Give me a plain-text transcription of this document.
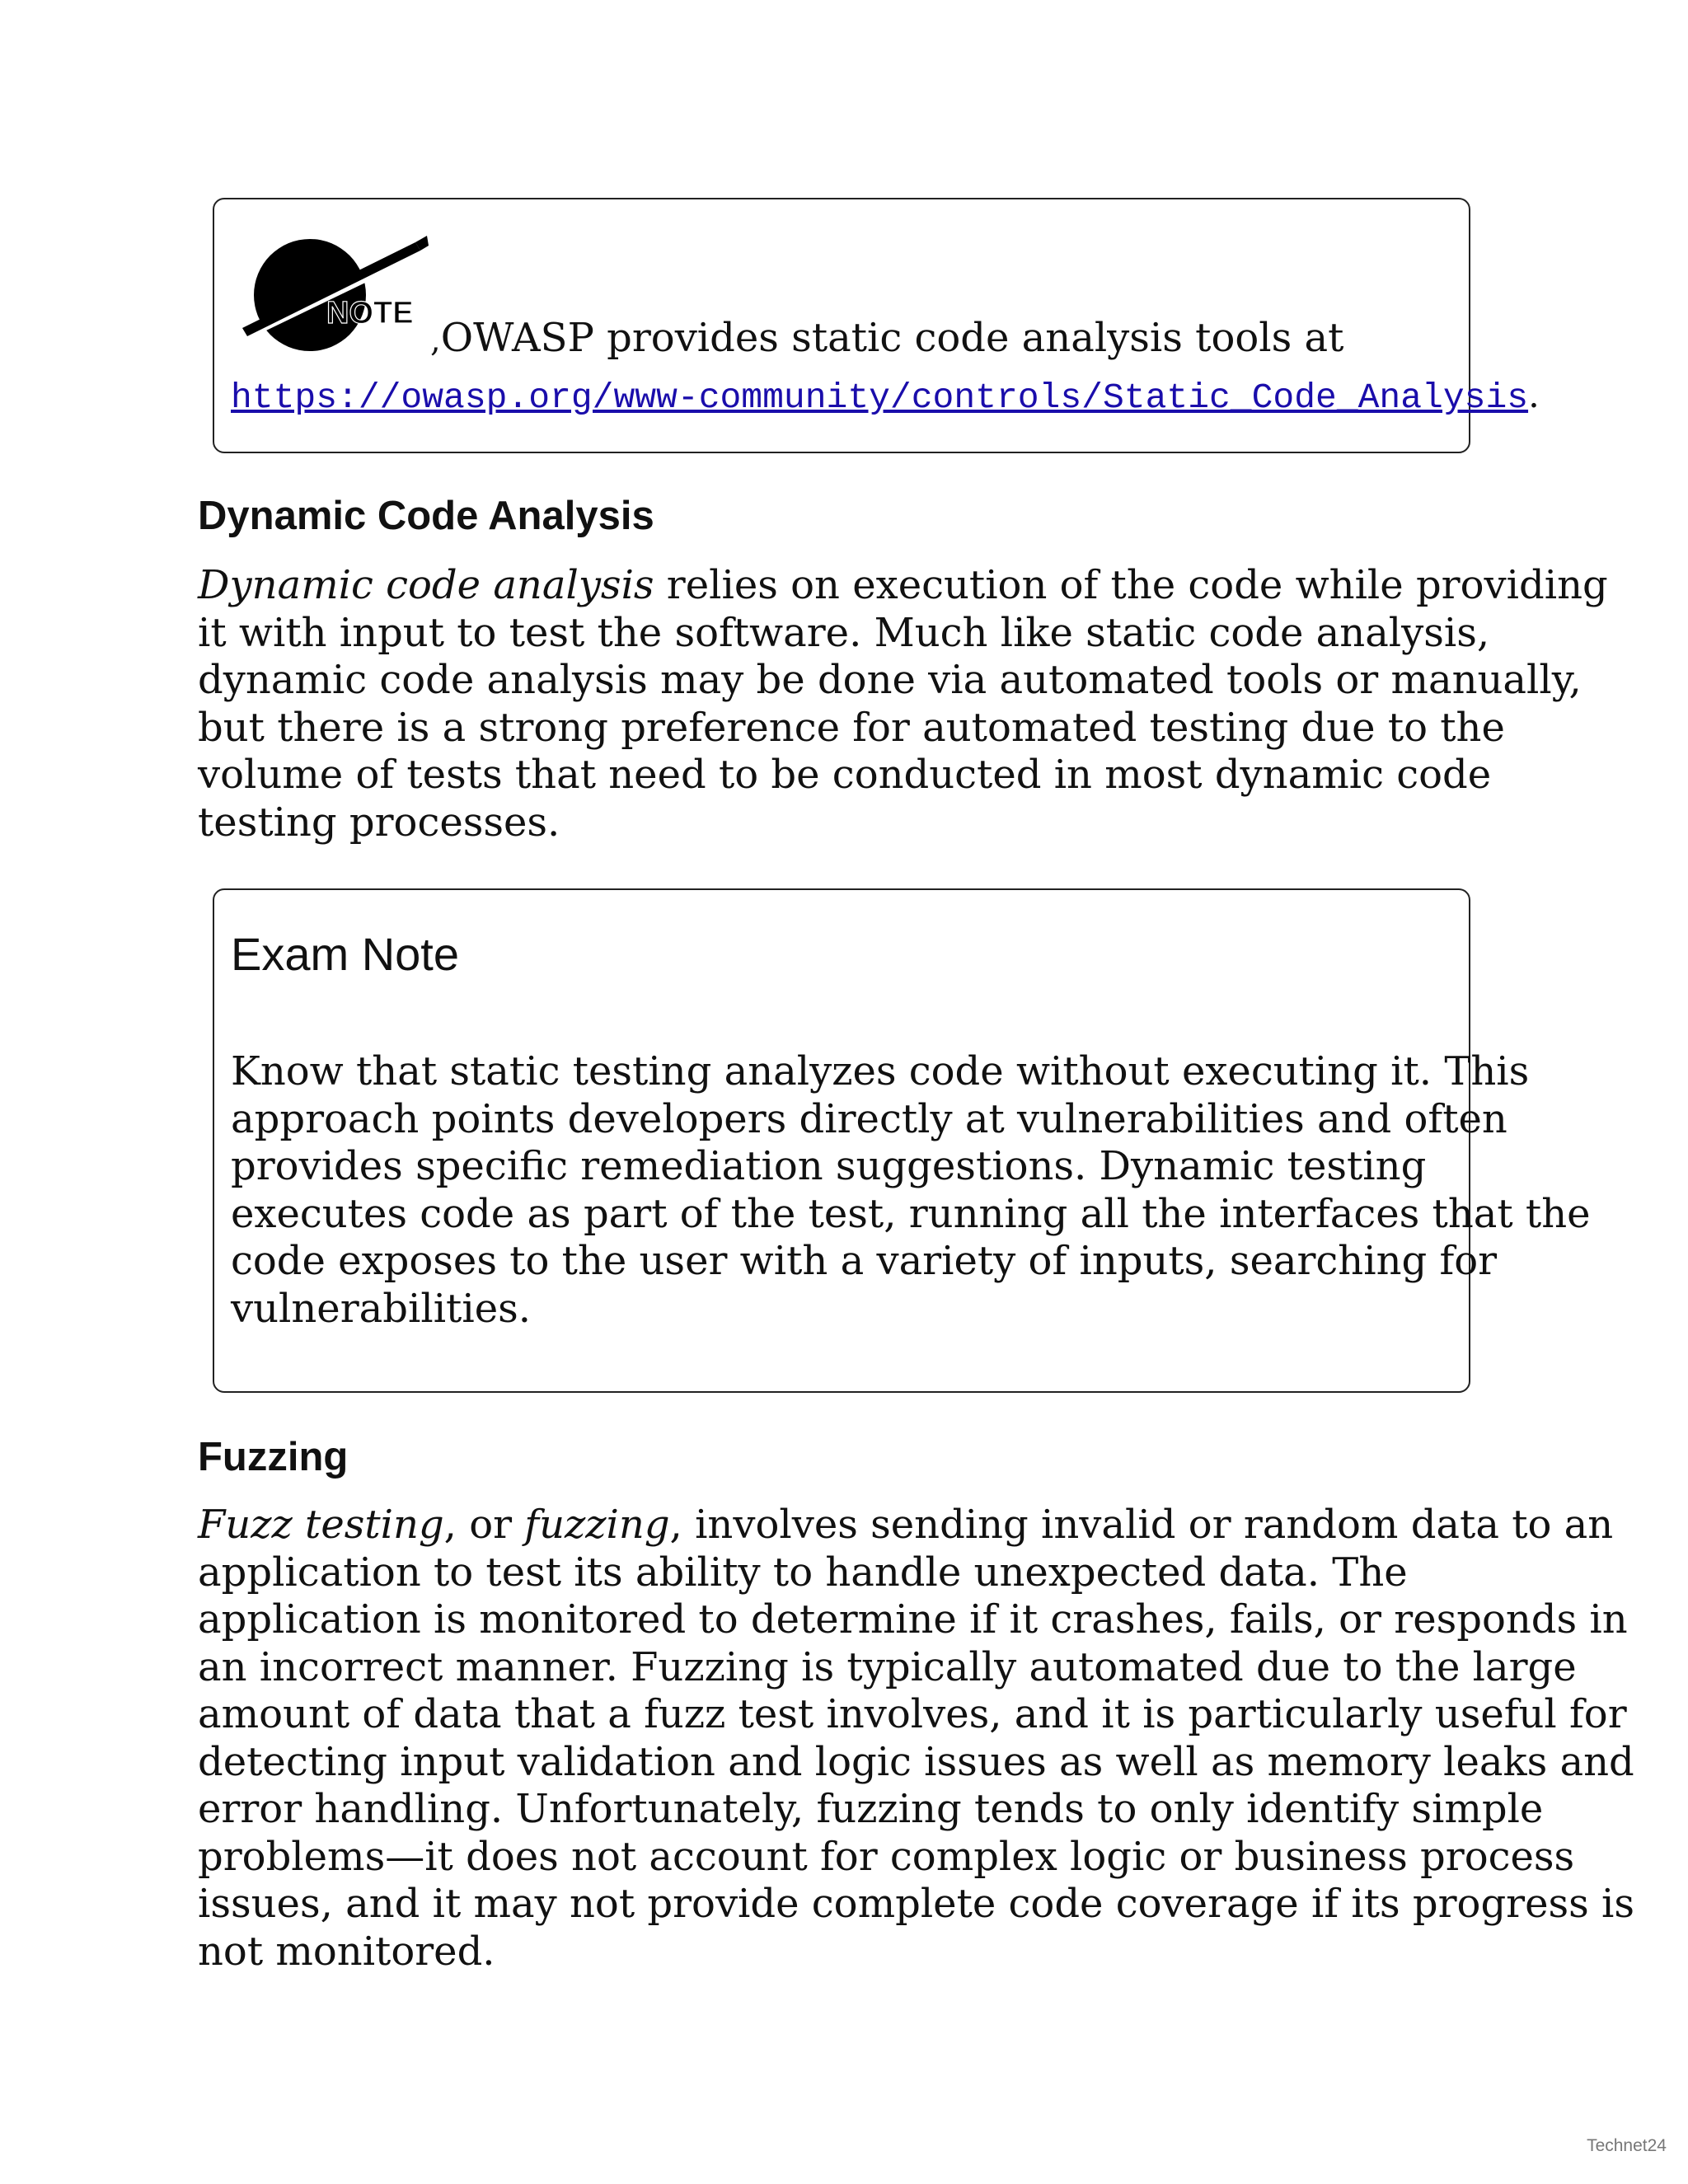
NOTE
,OWASP provides static code analysis tools at
https://owasp.org/www-community/controls/Static_Code_Analysis.
Dynamic Code Analysis
Dynamic code analysis relies on execution of the code while providing
it with input to test the software. Much like static code analysis,
dynamic code analysis may be done via automated tools or manually,
but there is a strong preference for automated testing due to the
volume of tests that need to be conducted in most dynamic code
testing processes.
Exam Note
Know that static testing analyzes code without executing it. This
approach points developers directly at vulnerabilities and often
provides specific remediation suggestions. Dynamic testing
executes code as part of the test, running all the interfaces that the
code exposes to the user with a variety of inputs, searching for
vulnerabilities.
Fuzzing
Fuzz testing, or fuzzing, involves sending invalid or random data to an
application to test its ability to handle unexpected data. The
application is monitored to determine if it crashes, fails, or responds in
an incorrect manner. Fuzzing is typically automated due to the large
amount of data that a fuzz test involves, and it is particularly useful for
detecting input validation and logic issues as well as memory leaks and
error handling. Unfortunately, fuzzing tends to only identify simple
problems—it does not account for complex logic or business process
issues, and it may not provide complete code coverage if its progress is
not monitored.
Technet24
